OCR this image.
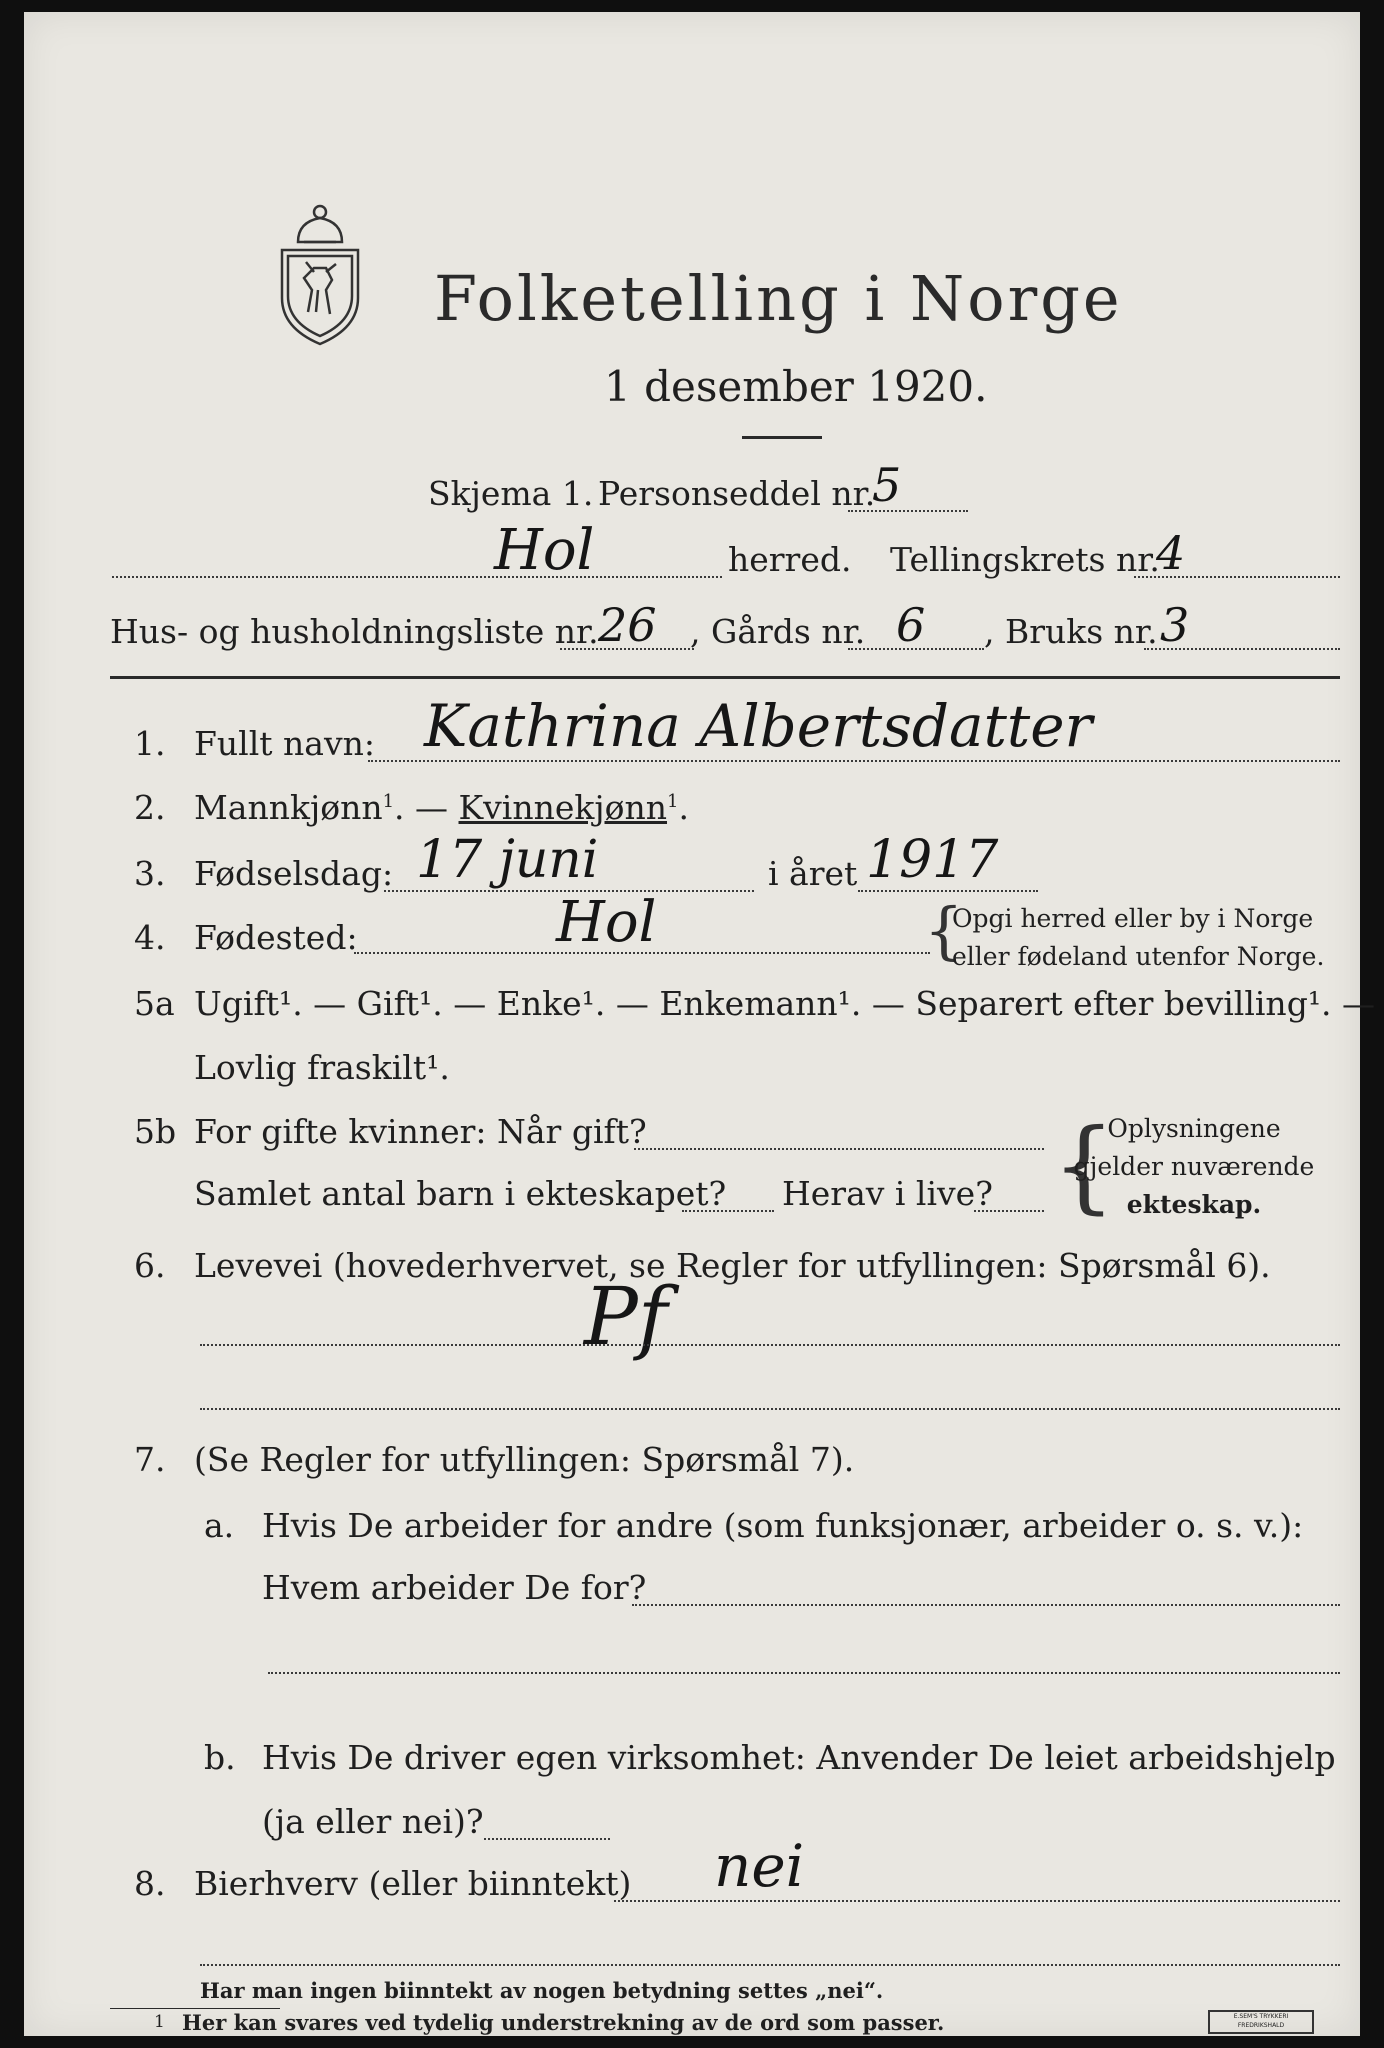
Folketelling i Norge
1 desember 1920.
Skjema 1. Personseddel nr.
5
Hol	herred. Tellingskrets nr.
4
Hus- og husholdningsliste nr. 26 , Gårds nr. 6 , Bruks nr. 3
1. Fullt navn: Kathrina Albertsdatter
2. Mannkjønn$^1$. — Kvinnekjønn$^1$.
3. Fødselsdag: 17 juni	i året 1917
4. Fødested:	Hol	{
Opgi herred eller by i Norge
eller fødeland utenfor Norge.
5a Ugift¹. — Gift¹. — Enke¹. — Enkemann¹. — Separert efter bevilling¹. —
Lovlig fraskilt¹.
5b For gifte kvinner: Når gift?
Samlet antal barn i ekteskapet? Herav i live? {
Oplysningene
gjelder nuværende
ekteskap.
6. Levevei (hovederhvervet, se Regler for utfyllingen: Spørsmål 6).
Pf
7. (Se Regler for utfyllingen: Spørsmål 7).
a. Hvis De arbeider for andre (som funksjonær, arbeider o. s. v.):
Hvem arbeider De for?
b. Hvis De driver egen virksomhet: Anvender De leiet arbeidshjelp
(ja eller nei)?
8. Bierhverv (eller biinntekt) nei
Har man ingen biinntekt av nogen betydning settes „nei“.
1 Her kan svares ved tydelig understrekning av de ord som passer.	E.SEM'S TRYKKERI
FREDRIKSHALD
